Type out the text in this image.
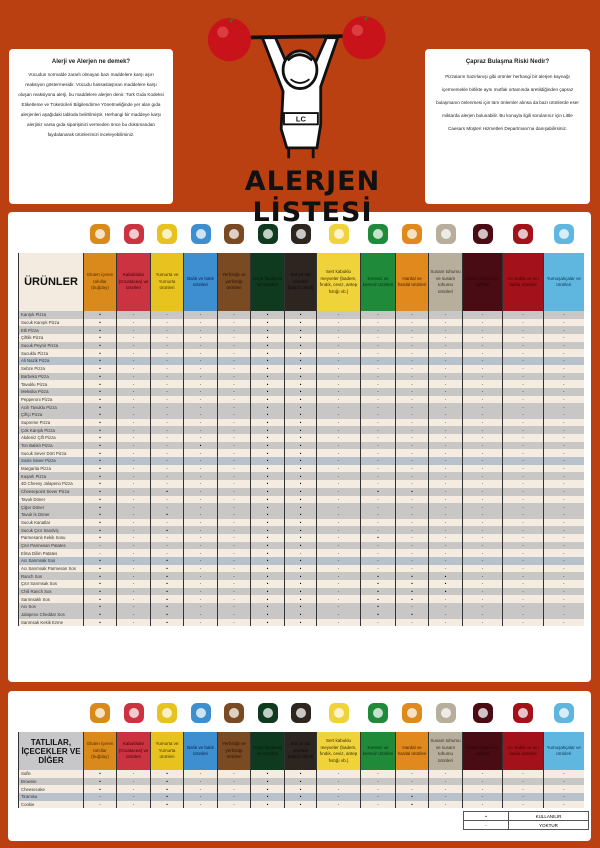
Alerji ve Alerjen ne demek?

Vücudun normalde zararlı olmayan bazı maddelere karşı aşırı reaksiyon göstermesidir. Vücudu hassaslaştıran maddelere karşı oluşan reaksiyona alerji, bu maddelere alerjen denir. Türk Gıda Kodeksi Etiketleme ve Tüketicileri Bilgilendirme Yönetmeliğinde yer alan gıda alerjenleri aşağıdaki tabloda belirtilmiştir. Herhangi bir maddeye karşı alerjiniz varsa gıda siparişinizi vermeden önce bu dokümandan faydalanarak ürünlerimizi inceleyebilirsiniz.

LC
ALERJEN LİSTESİ
Çapraz Bulaşma Riski Nedir?

Pizzaların hazırlanışı gibi ürünler herhangi bir alerjen kaynağı içermemekle birlikte aynı mutfak ortamında üretildiğinden çapraz bulaşmanın önlenmesi için tüm önlemler alınsa da bazı ürünlerde eser miktarda alerjen bulunabilir. Bu konuyla ilgili sorularınız için Little Caesars Müşteri Hizmetleri Departmanı'na danışabilirsiniz.

ÜRÜNLER	Gluten içeren tahıllar (buğday)	Kabuklular (Crustacea) ve ürünleri	Yumurta ve Yumurta ürünleri	Balık ve balık ürünleri	Yerfıstığı ve yerfıstığı ürünleri	Soya fasulyesi ve ürünleri	Süt ve süt ürünleri (laktoz dahil)	Sert kabuklu meyveler (badem, fındık, ceviz, antep fıstığı vb.)	Kereviz ve kereviz ürünleri	Hardal ve hardal ürünleri	Susam tohumu ve susam tohumu ürünleri	Kükürt dioksit ve sülfitler	Acı bakla ve acı bakla ürünleri	Yumuşakçalar ve ürünleri
Karışık Pizza	•	-	-	-	-	•	•	-	-	-	-	-	-	-
Sucuk Karışık Pizza	•	-	-	-	-	•	•	-	-	-	-	-	-	-
Etli Pizza	•	-	-	-	-	•	•	-	-	-	-	-	-	-
Çiftlik Pizza	•	-	-	-	-	•	•	-	-	-	-	-	-	-
Sucuk Peynir Pizza	•	-	-	-	-	•	•	-	-	-	-	-	-	-
Sucuklu Pizza	•	-	-	-	-	•	•	-	-	-	-	-	-	-
Ali Nazik Pizza	•	-	-	-	-	•	•	-	-	-	-	-	-	-
Sebze Pizza	•	-	-	-	-	•	•	-	-	-	-	-	-	-
Barbekü Pizza	•	-	-	-	-	•	•	-	-	-	-	-	-	-
Tavuklu Pizza	•	-	-	-	-	•	•	-	-	-	-	-	-	-
Meksika Pizza	•	-	-	-	-	•	•	-	-	-	-	-	-	-
Pepperoni Pizza	•	-	-	-	-	•	•	-	-	-	-	-	-	-
Acılı Tavuklu Pizza	•	-	-	-	-	•	•	-	-	-	-	-	-	-
Çiftçi Pizza	•	-	-	-	-	•	•	-	-	-	-	-	-	-
Supreme Pizza	•	-	-	-	-	•	•	-	-	-	-	-	-	-
Çok Karışık Pizza	•	-	-	-	-	•	•	-	-	-	-	-	-	-
Akdeniz Çift Pizza	•	-	-	-	-	•	•	-	-	-	-	-	-	-
Ton Balıklı Pizza	•	-	-	•	-	•	•	-	-	-	-	-	-	-
Sucuk Sever Dört Pizza	•	-	-	-	-	•	•	-	-	-	-	-	-	-
Sosis Sever Pizza	•	-	-	-	-	•	•	-	-	-	-	-	-	-
Margarita Pizza	•	-	-	-	-	•	•	-	-	-	-	-	-	-
Kaşarlı Pizza	•	-	-	-	-	•	•	-	-	-	-	-	-	-
4D Cheesy Jalapeno Pizza	•	-	-	-	-	•	•	-	-	-	-	-	-	-
Cheesepoint Sever Pizza	•	-	•	-	-	•	•	-	•	•	-	-	-	-
Tavuk Döner	•	-	-	-	-	•	•	-	-	-	-	-	-	-
Çiğer Döner	•	-	-	-	-	•	•	-	-	-	-	-	-	-
Tavuk İs Döner	•	-	•	-	-	•	•	-	-	-	-	-	-	-
Sucuk Kanatlar	•	-	-	-	-	•	•	-	-	-	-	-	-	-
Sucuk Çıtır Sandviç	•	-	•	-	-	•	•	-	-	-	-	-	-	-
Parmesanlı Kekik Sosu	•	-	-	-	-	•	•	-	•	-	-	-	-	-
Çıtır Parmesan Patates	-	-	-	-	-	•	•	-	-	-	-	-	-	-
Elma Dilim Patates	-	-	-	-	-	•	-	-	-	-	-	-	-	-
Acı Sarımsak Sos	•	-	•	-	-	•	•	-	-	-	-	-	-	-
Acı Sarımsak Parmesan Sos	•	-	•	-	-	•	•	-	-	-	-	-	-	-
Ranch Sos	•	-	•	-	-	•	•	-	•	•	•	-	-	-
Çıtır Sarımsak Sos	•	-	•	-	-	•	•	-	•	•	•	-	-	-
Chili Ranch Sos	•	-	•	-	-	•	•	-	•	•	•	-	-	-
Sarımsaklı Sos	•	-	•	-	-	•	•	-	•	•	-	-	-	-
Acı Sos	•	-	•	-	-	•	•	-	•	-	-	-	-	-
Jalapeno Cheddar Sos	•	-	•	-	-	•	•	-	•	•	-	-	-	-
Sarımsak Kekik Ezme	•	-	•	-	-	•	•	-	-	-	-	-	-	-

TATLILAR, İÇECEKLER VE DİĞER	Gluten içeren tahıllar (buğday)	Kabuklular (Crustacea) ve ürünleri	Yumurta ve Yumurta ürünleri	Balık ve balık ürünleri	Yerfıstığı ve yerfıstığı ürünleri	Soya fasulyesi ve ürünleri	Süt ve süt ürünleri (laktoz dahil)	Sert kabuklu meyveler (badem, fındık, ceviz, antep fıstığı vb.)	Kereviz ve kereviz ürünleri	Hardal ve hardal ürünleri	Susam tohumu ve susam tohumu ürünleri	Kükürt dioksit ve sülfitler	Acı bakla ve acı bakla ürünleri	Yumuşakçalar ve ürünleri
Sufle	•	-	•	-	-	•	•	-	-	-	-	-	-	-
Brownie	•	-	•	-	-	•	•	-	-	-	-	-	-	-
Cheesecake	•	-	•	-	-	•	•	-	-	-	-	-	-	-
Tiramisu	-	-	•	-	-	•	•	-	-	•	-	-	-	-
Cookie	-	-	•	-	-	•	•	-	-	•	-	-	-	-
•	KULLANILIR
-	YOKTUR
